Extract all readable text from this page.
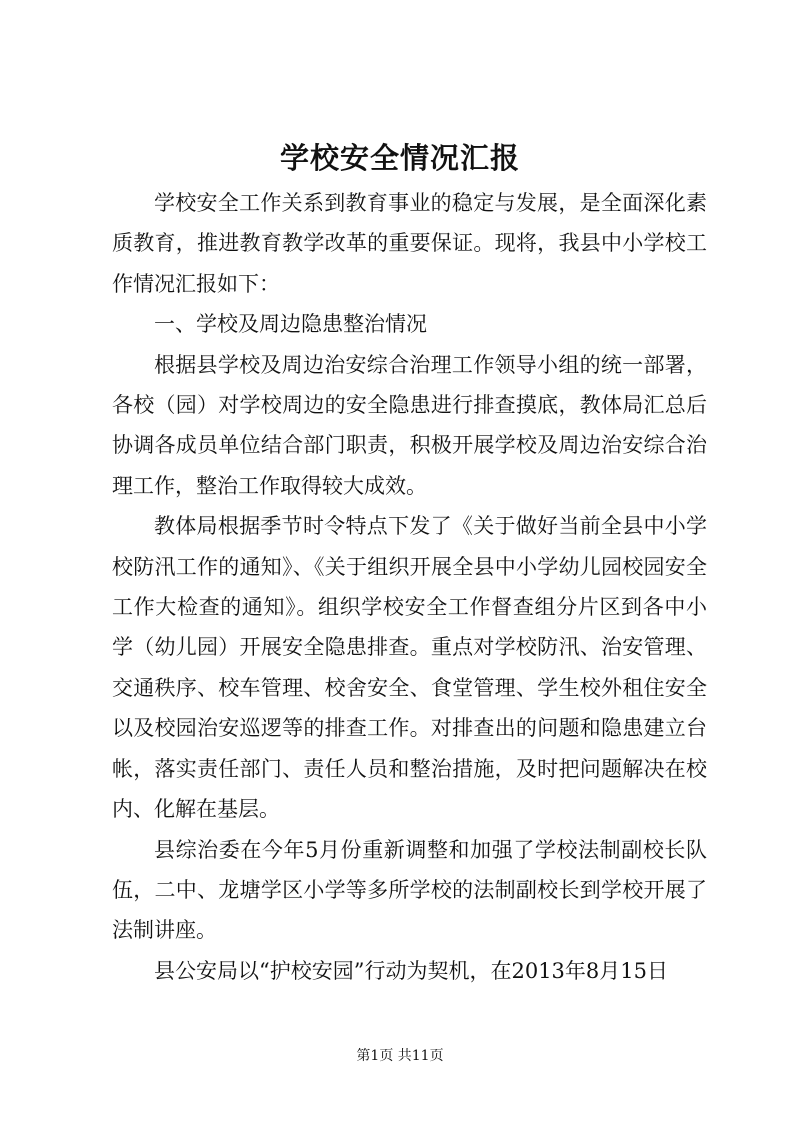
学校安全情况汇报

学校安全工作关系到教育事业的稳定与发展，是全面深化素质教育，推进教育教学改革的重要保证。现将，我县中小学校工作情况汇报如下：

一、学校及周边隐患整治情况

根据县学校及周边治安综合治理工作领导小组的统一部署，各校（园）对学校周边的安全隐患进行排查摸底，教体局汇总后协调各成员单位结合部门职责，积极开展学校及周边治安综合治理工作，整治工作取得较大成效。

教体局根据季节时令特点下发了《关于做好当前全县中小学校防汛工作的通知》、《关于组织开展全县中小学幼儿园校园安全工作大检查的通知》。组织学校安全工作督查组分片区到各中小学（幼儿园）开展安全隐患排查。重点对学校防汛、治安管理、交通秩序、校车管理、校舍安全、食堂管理、学生校外租住安全以及校园治安巡逻等的排查工作。对排查出的问题和隐患建立台帐，落实责任部门、责任人员和整治措施，及时把问题解决在校内、化解在基层。

县综治委在今年5月份重新调整和加强了学校法制副校长队伍，二中、龙塘学区小学等多所学校的法制副校长到学校开展了法制讲座。

县公安局以“护校安园”行动为契机，在2013年8月15日

第1页 共11页
